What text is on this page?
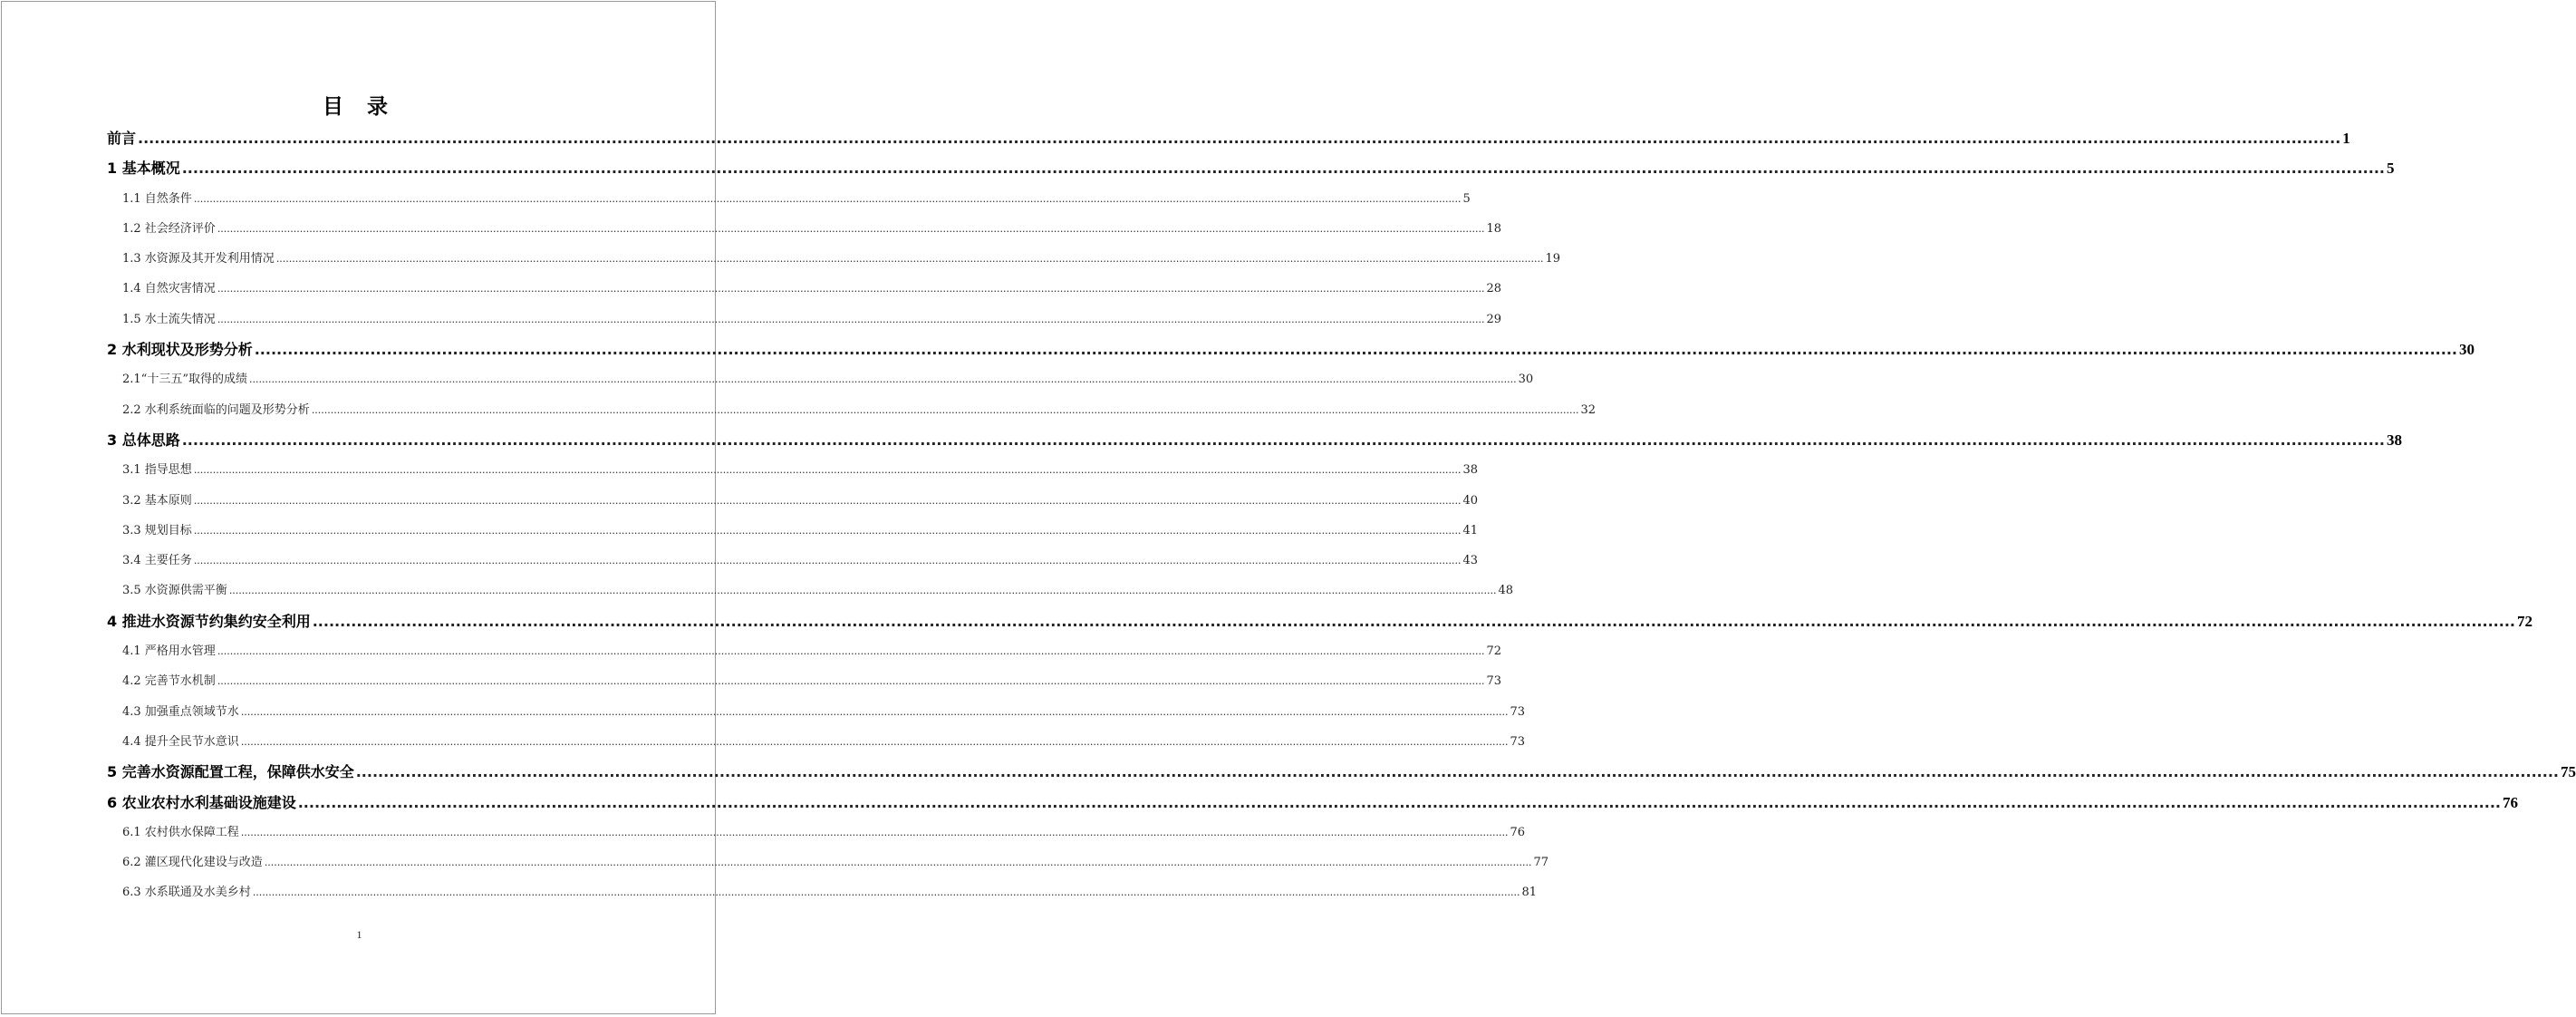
目 录
前言 ................................................................................................................................................................................................................................................................................................................................................................................................................ 1
1 基本概况 ................................................................................................................................................................................................................................................................................................................................................................................................................ 5
1.1 自然条件 ................................................................................................................................................................................................................................................................................................................................................................................................................ 5
1.2 社会经济评价 ................................................................................................................................................................................................................................................................................................................................................................................................................ 18
1.3 水资源及其开发利用情况 ................................................................................................................................................................................................................................................................................................................................................................................................................ 19
1.4 自然灾害情况 ................................................................................................................................................................................................................................................................................................................................................................................................................ 28
1.5 水土流失情况 ................................................................................................................................................................................................................................................................................................................................................................................................................ 29
2 水利现状及形势分析 ................................................................................................................................................................................................................................................................................................................................................................................................................ 30
2.1“十三五”取得的成绩 ................................................................................................................................................................................................................................................................................................................................................................................................................ 30
2.2 水利系统面临的问题及形势分析 ................................................................................................................................................................................................................................................................................................................................................................................................................ 32
3 总体思路 ................................................................................................................................................................................................................................................................................................................................................................................................................ 38
3.1 指导思想 ................................................................................................................................................................................................................................................................................................................................................................................................................ 38
3.2 基本原则 ................................................................................................................................................................................................................................................................................................................................................................................................................ 40
3.3 规划目标 ................................................................................................................................................................................................................................................................................................................................................................................................................ 41
3.4 主要任务 ................................................................................................................................................................................................................................................................................................................................................................................................................ 43
3.5 水资源供需平衡 ................................................................................................................................................................................................................................................................................................................................................................................................................ 48
4 推进水资源节约集约安全利用 ................................................................................................................................................................................................................................................................................................................................................................................................................ 72
4.1 严格用水管理 ................................................................................................................................................................................................................................................................................................................................................................................................................ 72
4.2 完善节水机制 ................................................................................................................................................................................................................................................................................................................................................................................................................ 73
4.3 加强重点领域节水 ................................................................................................................................................................................................................................................................................................................................................................................................................ 73
4.4 提升全民节水意识 ................................................................................................................................................................................................................................................................................................................................................................................................................ 73
5 完善水资源配置工程，保障供水安全 ................................................................................................................................................................................................................................................................................................................................................................................................................ 75
6 农业农村水利基础设施建设 ................................................................................................................................................................................................................................................................................................................................................................................................................ 76
6.1 农村供水保障工程 ................................................................................................................................................................................................................................................................................................................................................................................................................ 76
6.2 灌区现代化建设与改造 ................................................................................................................................................................................................................................................................................................................................................................................................................ 77
6.3 水系联通及水美乡村 ................................................................................................................................................................................................................................................................................................................................................................................................................ 81
1
